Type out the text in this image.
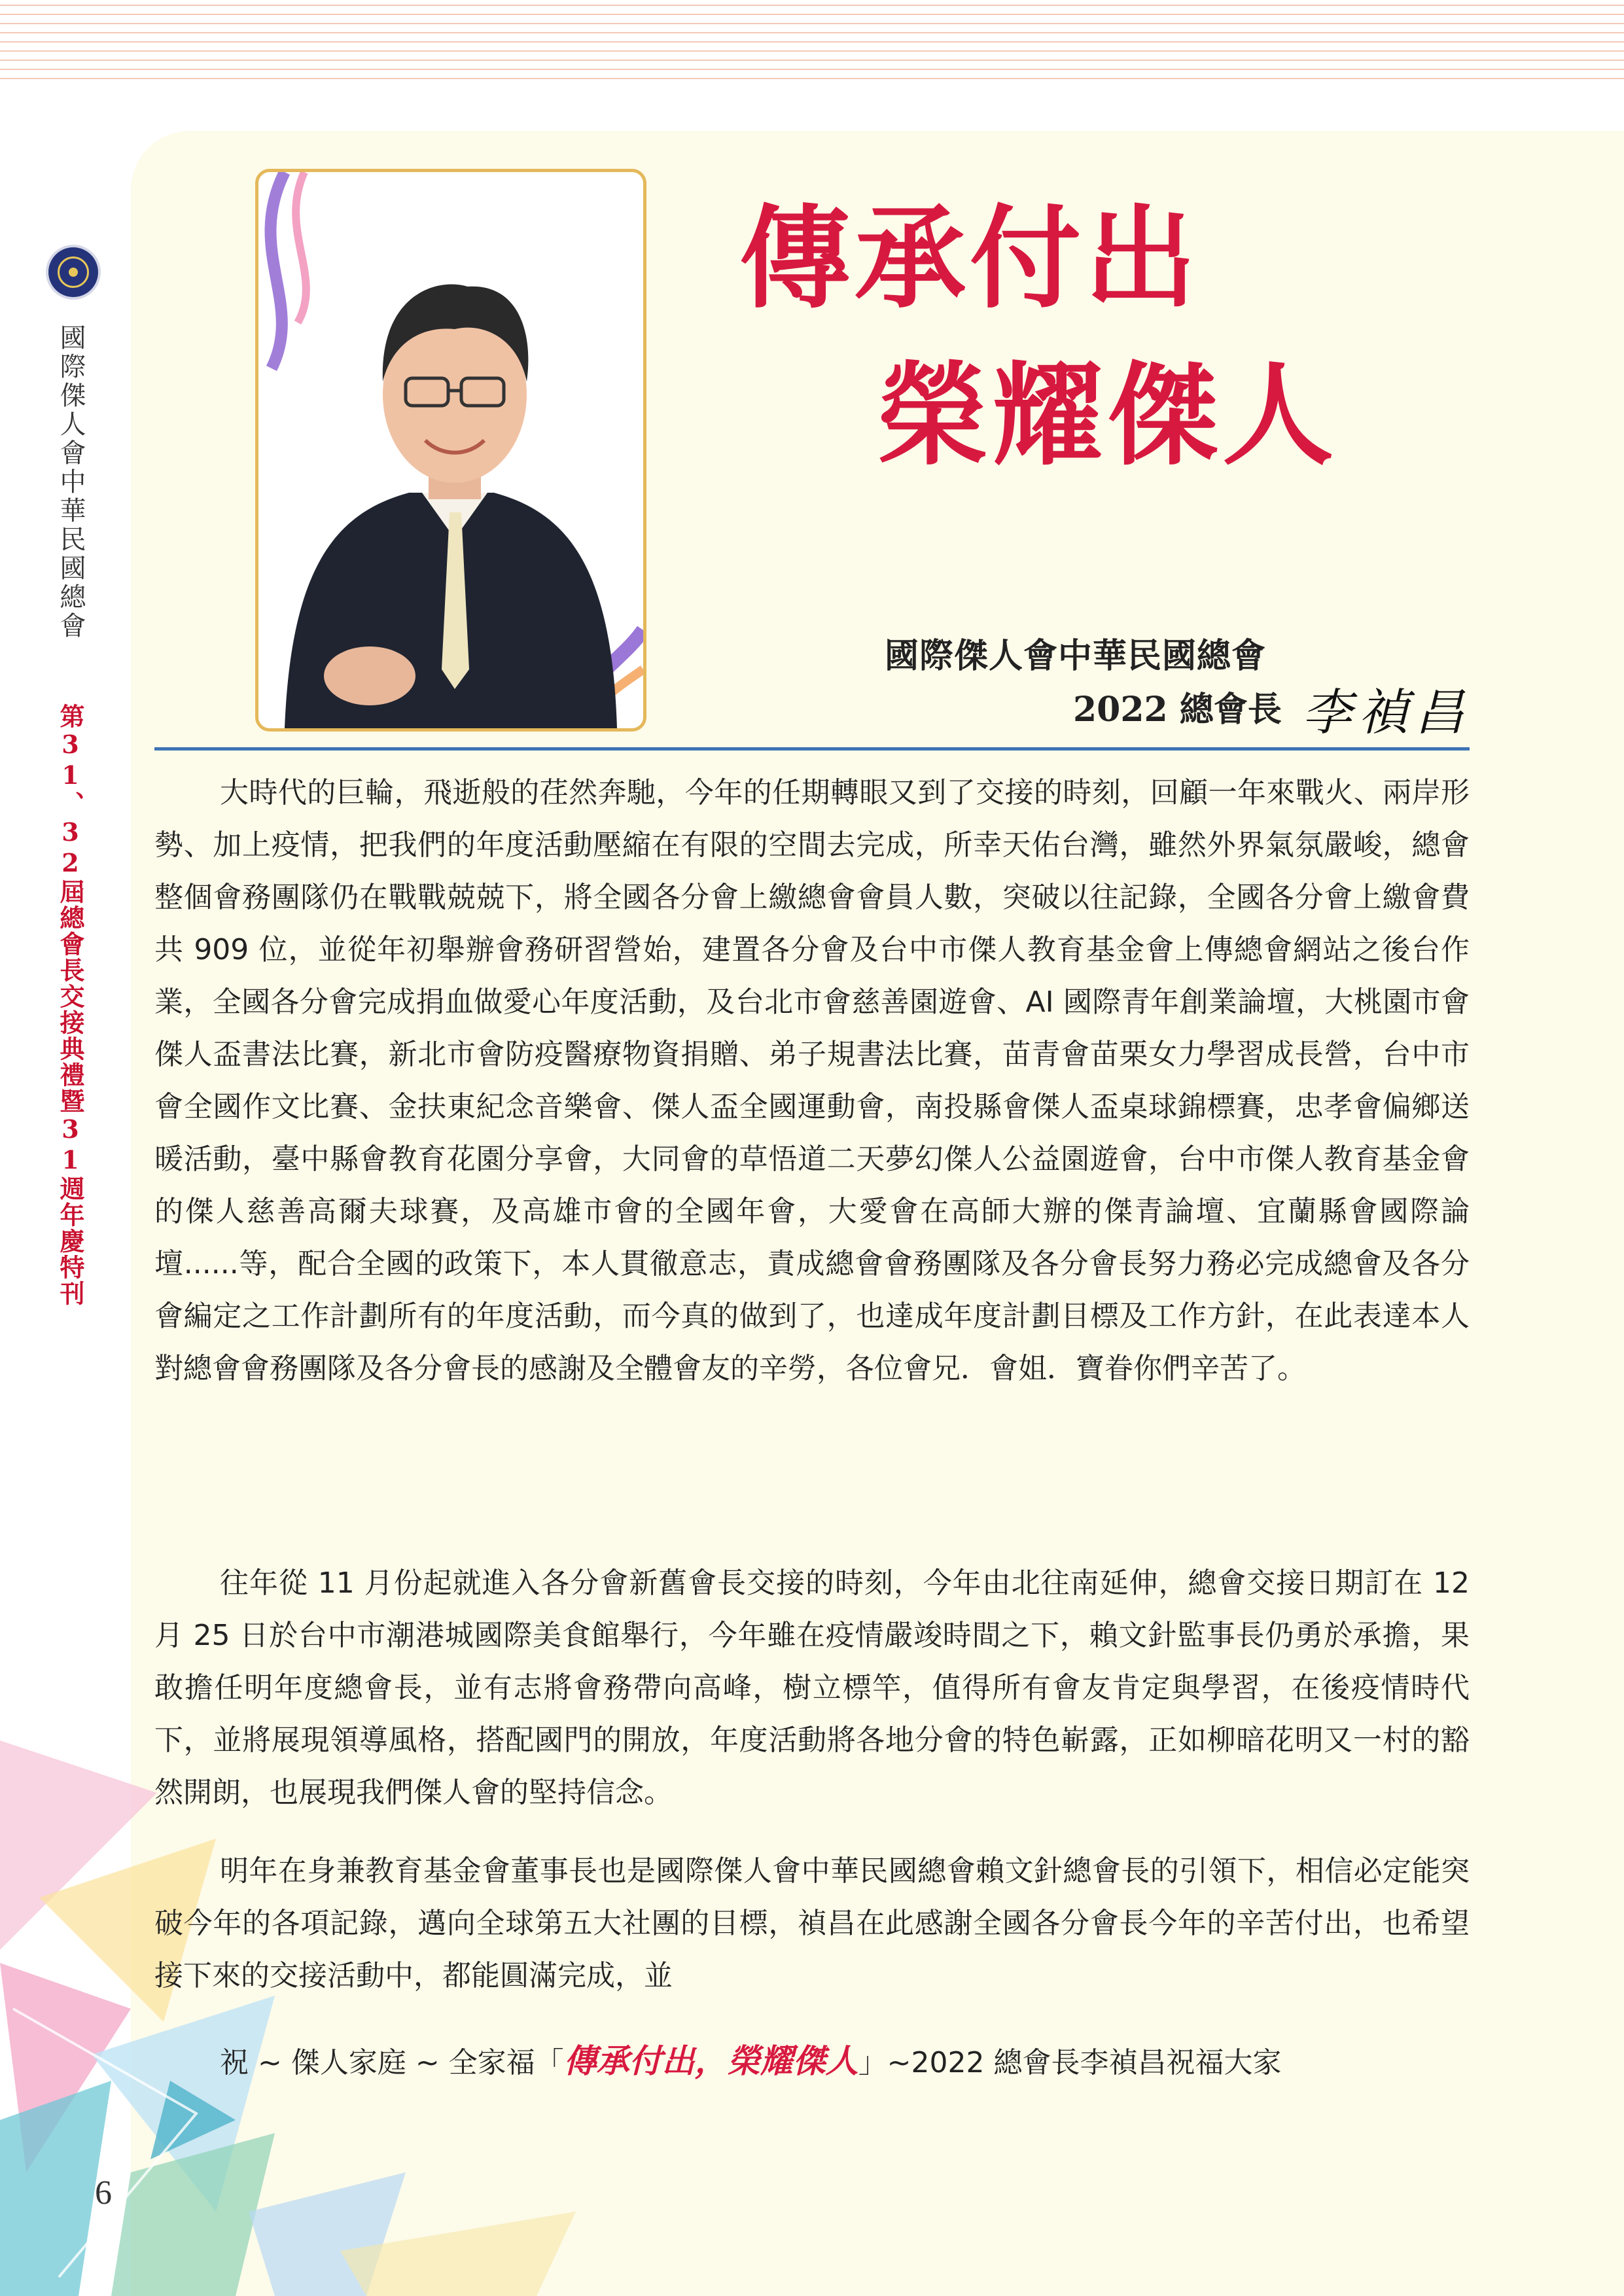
國際傑人會中華民國總會
第31、32屆總會長交接典禮暨31週年慶特刊
6
傳承付出
榮耀傑人
國際傑人會中華民國總會
2022 總會長 李禎昌

大時代的巨輪，飛逝般的荏然奔馳，今年的任期轉眼又到了交接的時刻，回顧一年來戰火、兩岸形勢、加上疫情，把我們的年度活動壓縮在有限的空間去完成，所幸天佑台灣，雖然外界氣氛嚴峻，總會整個會務團隊仍在戰戰兢兢下，將全國各分會上繳總會會員人數，突破以往記錄，全國各分會上繳會費共 909 位，並從年初舉辦會務研習營始，建置各分會及台中市傑人教育基金會上傳總會網站之後台作業，全國各分會完成捐血做愛心年度活動，及台北市會慈善園遊會、AI 國際青年創業論壇，大桃園市會傑人盃書法比賽，新北市會防疫醫療物資捐贈、弟子規書法比賽，苗青會苗栗女力學習成長營，台中市會全國作文比賽、金扶東紀念音樂會、傑人盃全國運動會，南投縣會傑人盃桌球錦標賽，忠孝會偏鄉送暖活動，臺中縣會教育花園分享會，大同會的草悟道二天夢幻傑人公益園遊會，台中市傑人教育基金會的傑人慈善高爾夫球賽，及高雄市會的全國年會，大愛會在高師大辦的傑青論壇、宜蘭縣會國際論壇......等，配合全國的政策下，本人貫徹意志，責成總會會務團隊及各分會長努力務必完成總會及各分會編定之工作計劃所有的年度活動，而今真的做到了，也達成年度計劃目標及工作方針，在此表達本人對總會會務團隊及各分會長的感謝及全體會友的辛勞，各位會兄．會姐．寶眷你們辛苦了。

往年從 11 月份起就進入各分會新舊會長交接的時刻，今年由北往南延伸，總會交接日期訂在 12 月 25 日於台中市潮港城國際美食館舉行，今年雖在疫情嚴竣時間之下，賴文針監事長仍勇於承擔，果敢擔任明年度總會長，並有志將會務帶向高峰，樹立標竿，值得所有會友肯定與學習，在後疫情時代下，並將展現領導風格，搭配國門的開放，年度活動將各地分會的特色嶄露，正如柳暗花明又一村的豁然開朗，也展現我們傑人會的堅持信念。

明年在身兼教育基金會董事長也是國際傑人會中華民國總會賴文針總會長的引領下，相信必定能突破今年的各項記錄，邁向全球第五大社團的目標，禎昌在此感謝全國各分會長今年的辛苦付出，也希望接下來的交接活動中，都能圓滿完成，並

祝 ~ 傑人家庭 ~ 全家福「傳承付出，榮耀傑人」~2022 總會長李禎昌祝福大家
